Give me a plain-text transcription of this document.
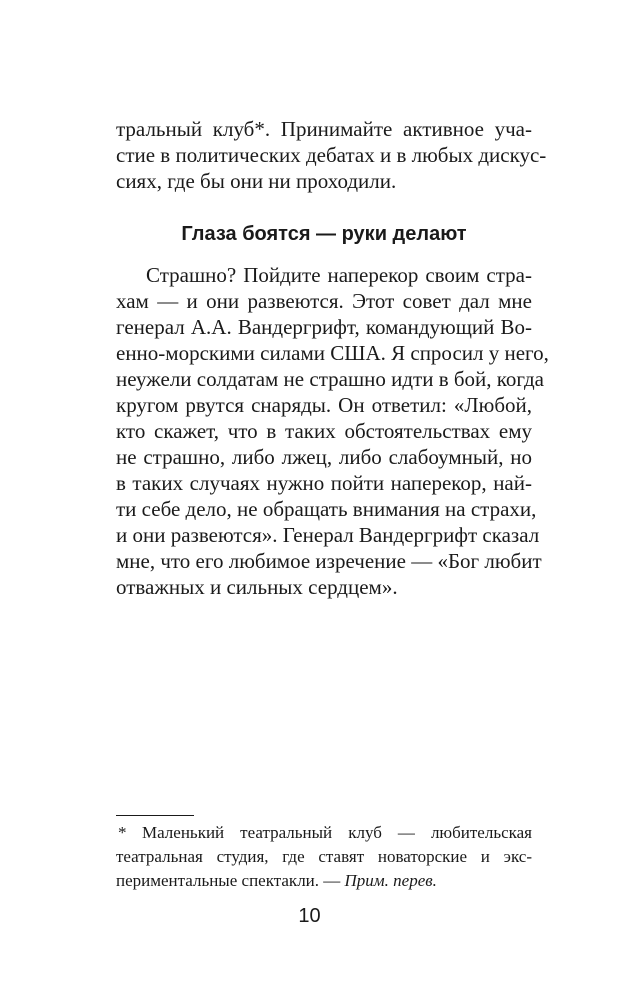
тральный клуб*. Принимайте активное уча-
стие в политических дебатах и в любых дискус-
сиях, где бы они ни проходили.
Глаза боятся — руки делают
Страшно? Пойдите наперекор своим стра-
хам — и они развеются. Этот совет дал мне
генерал А.А. Вандергрифт, командующий Во-
енно-морскими силами США. Я спросил у него,
неужели солдатам не страшно идти в бой, когда
кругом рвутся снаряды. Он ответил: «Любой,
кто скажет, что в таких обстоятельствах ему
не страшно, либо лжец, либо слабоумный, но
в таких случаях нужно пойти наперекор, най-
ти себе дело, не обращать внимания на страхи,
и они развеются». Генерал Вандергрифт сказал
мне, что его любимое изречение — «Бог любит
отважных и сильных сердцем».
* Маленький театральный клуб — любительская
театральная студия, где ставят новаторские и экс-
периментальные спектакли. — Прим. перев.
10
